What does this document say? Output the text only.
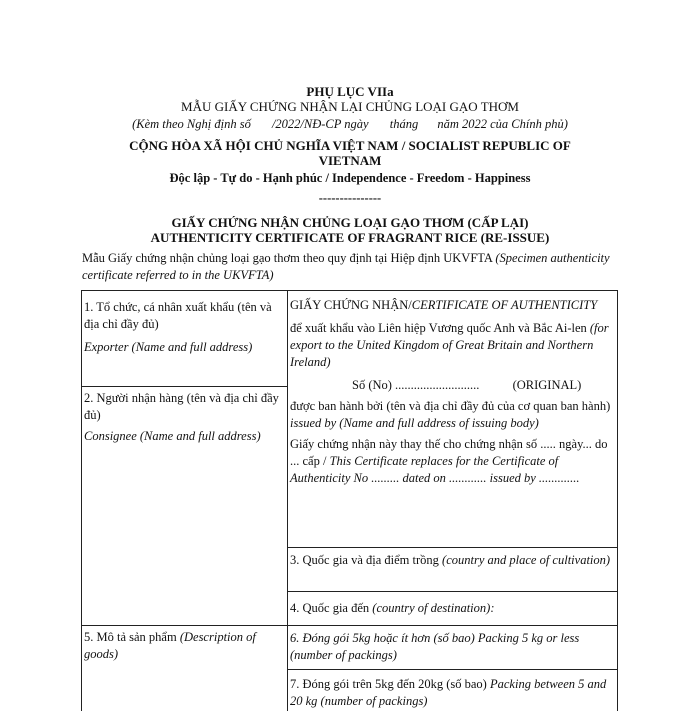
PHỤ LỤC VIIa
MẪU GIẤY CHỨNG NHẬN LẠI CHỦNG LOẠI GẠO THƠM
(Kèm theo Nghị định số /2022/NĐ-CP ngày tháng năm 2022 của Chính phủ)
CỘNG HÒA XÃ HỘI CHỦ NGHĨA VIỆT NAM / SOCIALIST REPUBLIC OF
VIETNAM
Độc lập - Tự do - Hạnh phúc / Independence - Freedom - Happiness
---------------
GIẤY CHỨNG NHẬN CHỦNG LOẠI GẠO THƠM (CẤP LẠI)
AUTHENTICITY CERTIFICATE OF FRAGRANT RICE (RE-ISSUE)
Mẫu Giấy chứng nhận chủng loại gạo thơm theo quy định tại Hiệp định UKVFTA (Specimen authenticity certificate referred to in the UKVFTA)
1. Tổ chức, cá nhân xuất khẩu (tên và địa chỉ đầy đủ)
Exporter (Name and full address)
2. Người nhận hàng (tên và địa chỉ đầy đủ)
Consignee (Name and full address)
5. Mô tả sản phẩm (Description of goods)
GIẤY CHỨNG NHẬN/CERTIFICATE OF AUTHENTICITY
để xuất khẩu vào Liên hiệp Vương quốc Anh và Bắc Ai-len (for export to the United Kingdom of Great Britain and Northern Ireland)
Số (No) ...........................	(ORIGINAL)
được ban hành bởi (tên và địa chỉ đầy đủ của cơ quan ban hành) issued by (Name and full address of issuing body)
Giấy chứng nhận này thay thế cho chứng nhận số ..... ngày... do ... cấp / This Certificate replaces for the Certificate of Authenticity No ......... dated on ............ issued by .............
3. Quốc gia và địa điểm trồng (country and place of cultivation)
4. Quốc gia đến (country of destination):
6. Đóng gói 5kg hoặc ít hơn (số bao) Packing 5 kg or less (number of packings)
7. Đóng gói trên 5kg đến 20kg (số bao) Packing between 5 and 20 kg (number of packings)
